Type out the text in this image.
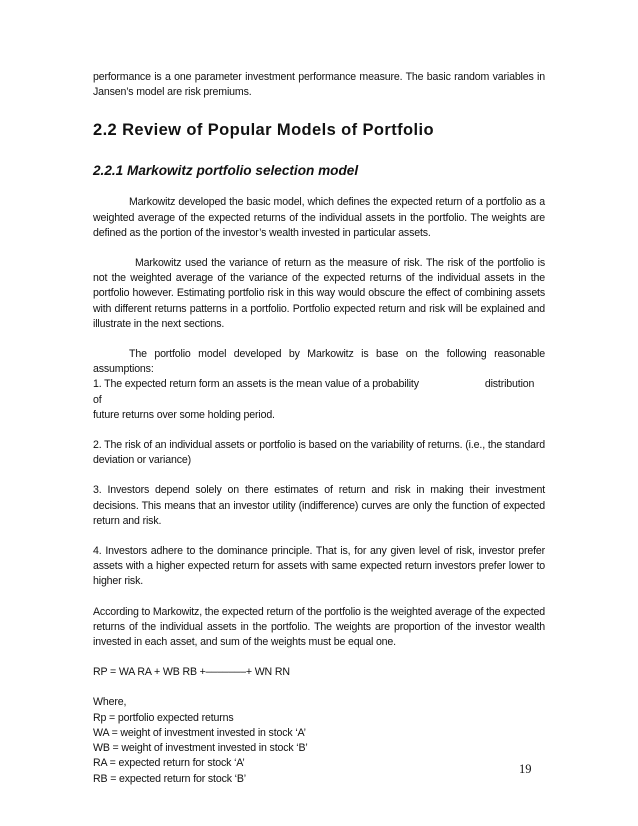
performance is a one parameter investment performance measure. The basic random variables in Jansen’s model are risk premiums.

2.2 Review of Popular Models of Portfolio
2.2.1 Markowitz portfolio selection model

Markowitz developed the basic model, which defines the expected return of a portfolio as a weighted average of the expected returns of the individual assets in the portfolio. The weights are defined as the portion of the investor’s wealth invested in particular assets.

Markowitz used the variance of return as the measure of risk. The risk of the portfolio is not the weighted average of the variance of the expected returns of the individual assets in the portfolio however. Estimating portfolio risk in this way would obscure the effect of combining assets with different returns patterns in a portfolio. Portfolio expected return and risk will be explained and illustrate in the next sections.

The portfolio model developed by Markowitz is base on the following reasonable assumptions:

1. The expected return form an assets is the mean value of a probability	distribution of
future returns over some holding period.

2. The risk of an individual assets or portfolio is based on the variability of returns. (i.e., the standard deviation or variance)

3. Investors depend solely on there estimates of return and risk in making their investment decisions. This means that an investor utility (indifference) curves are only the function of expected return and risk.

4. Investors adhere to the dominance principle. That is, for any given level of risk, investor prefer assets with a higher expected return for assets with same expected return investors prefer lower to higher risk.

According to Markowitz, the expected return of the portfolio is the weighted average of the expected returns of the individual assets in the portfolio. The weights are proportion of the investor wealth invested in each asset, and sum of the weights must be equal one.

RP = WA RA + WB RB +–––––––+ WN RN

Where,
Rp = portfolio expected returns
WA = weight of investment invested in stock ‘A’
WB = weight of investment invested in stock ‘B’
RA = expected return for stock ‘A’
RB = expected return for stock ‘B’

19
